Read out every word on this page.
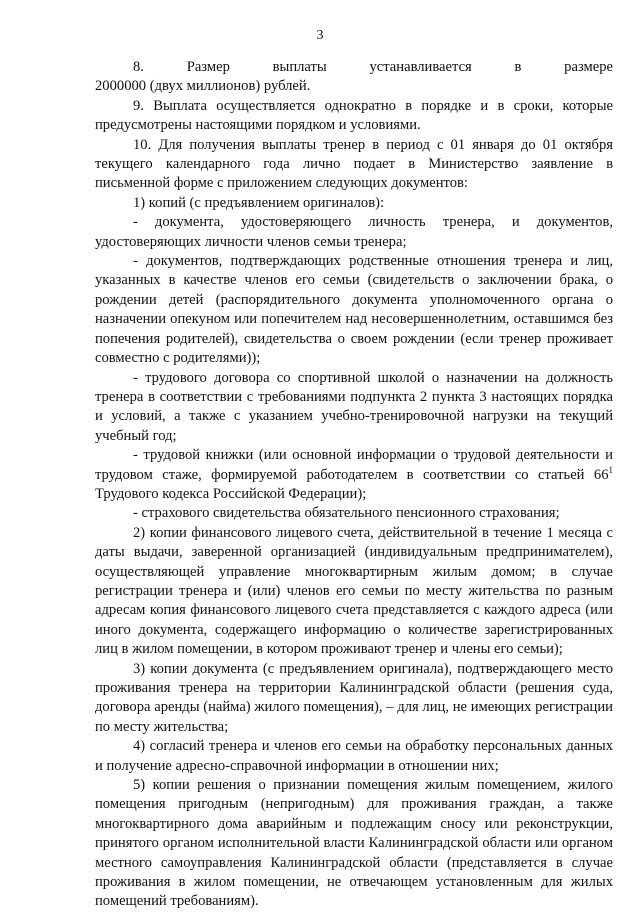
3

8. Размер выплаты устанавливается в размере

2000000 (двух миллионов) рублей.

9. Выплата осуществляется однократно в порядке и в сроки, которые предусмотрены настоящими порядком и условиями.

10. Для получения выплаты тренер в период с 01 января до 01 октября текущего календарного года лично подает в Министерство заявление в письменной форме с приложением следующих документов:

1) копий (с предъявлением оригиналов):

- документа, удостоверяющего личность тренера, и документов, удостоверяющих личности членов семьи тренера;

- документов, подтверждающих родственные отношения тренера и лиц, указанных в качестве членов его семьи (свидетельств о заключении брака, о рождении детей (распорядительного документа уполномоченного органа о назначении опекуном или попечителем над несовершеннолетним, оставшимся без попечения родителей), свидетельства о своем рождении (если тренер проживает совместно с родителями));

- трудового договора со спортивной школой о назначении на должность тренера в соответствии с требованиями подпункта 2 пункта 3 настоящих порядка и условий, а также с указанием учебно-тренировочной нагрузки на текущий учебный год;

- трудовой книжки (или основной информации о трудовой деятельности и трудовом стаже, формируемой работодателем в соответствии со статьей 66$^1$ Трудового кодекса Российской Федерации);

- страхового свидетельства обязательного пенсионного страхования;

2) копии финансового лицевого счета, действительной в течение 1 месяца с даты выдачи, заверенной организацией (индивидуальным предпринимателем), осуществляющей управление многоквартирным жилым домом; в случае регистрации тренера и (или) членов его семьи по месту жительства по разным адресам копия финансового лицевого счета представляется с каждого адреса (или иного документа, содержащего информацию о количестве зарегистрированных лиц в жилом помещении, в котором проживают тренер и члены его семьи);

3) копии документа (с предъявлением оригинала), подтверждающего место проживания тренера на территории Калининградской области (решения суда, договора аренды (найма) жилого помещения), – для лиц, не имеющих регистрации по месту жительства;

4) согласий тренера и членов его семьи на обработку персональных данных и получение адресно-справочной информации в отношении них;

5) копии решения о признании помещения жилым помещением, жилого помещения пригодным (непригодным) для проживания граждан, а также многоквартирного дома аварийным и подлежащим сносу или реконструкции, принятого органом исполнительной власти Калининградской области или органом местного самоуправления Калининградской области (представляется в случае проживания в жилом помещении, не отвечающем установленным для жилых помещений требованиям).
